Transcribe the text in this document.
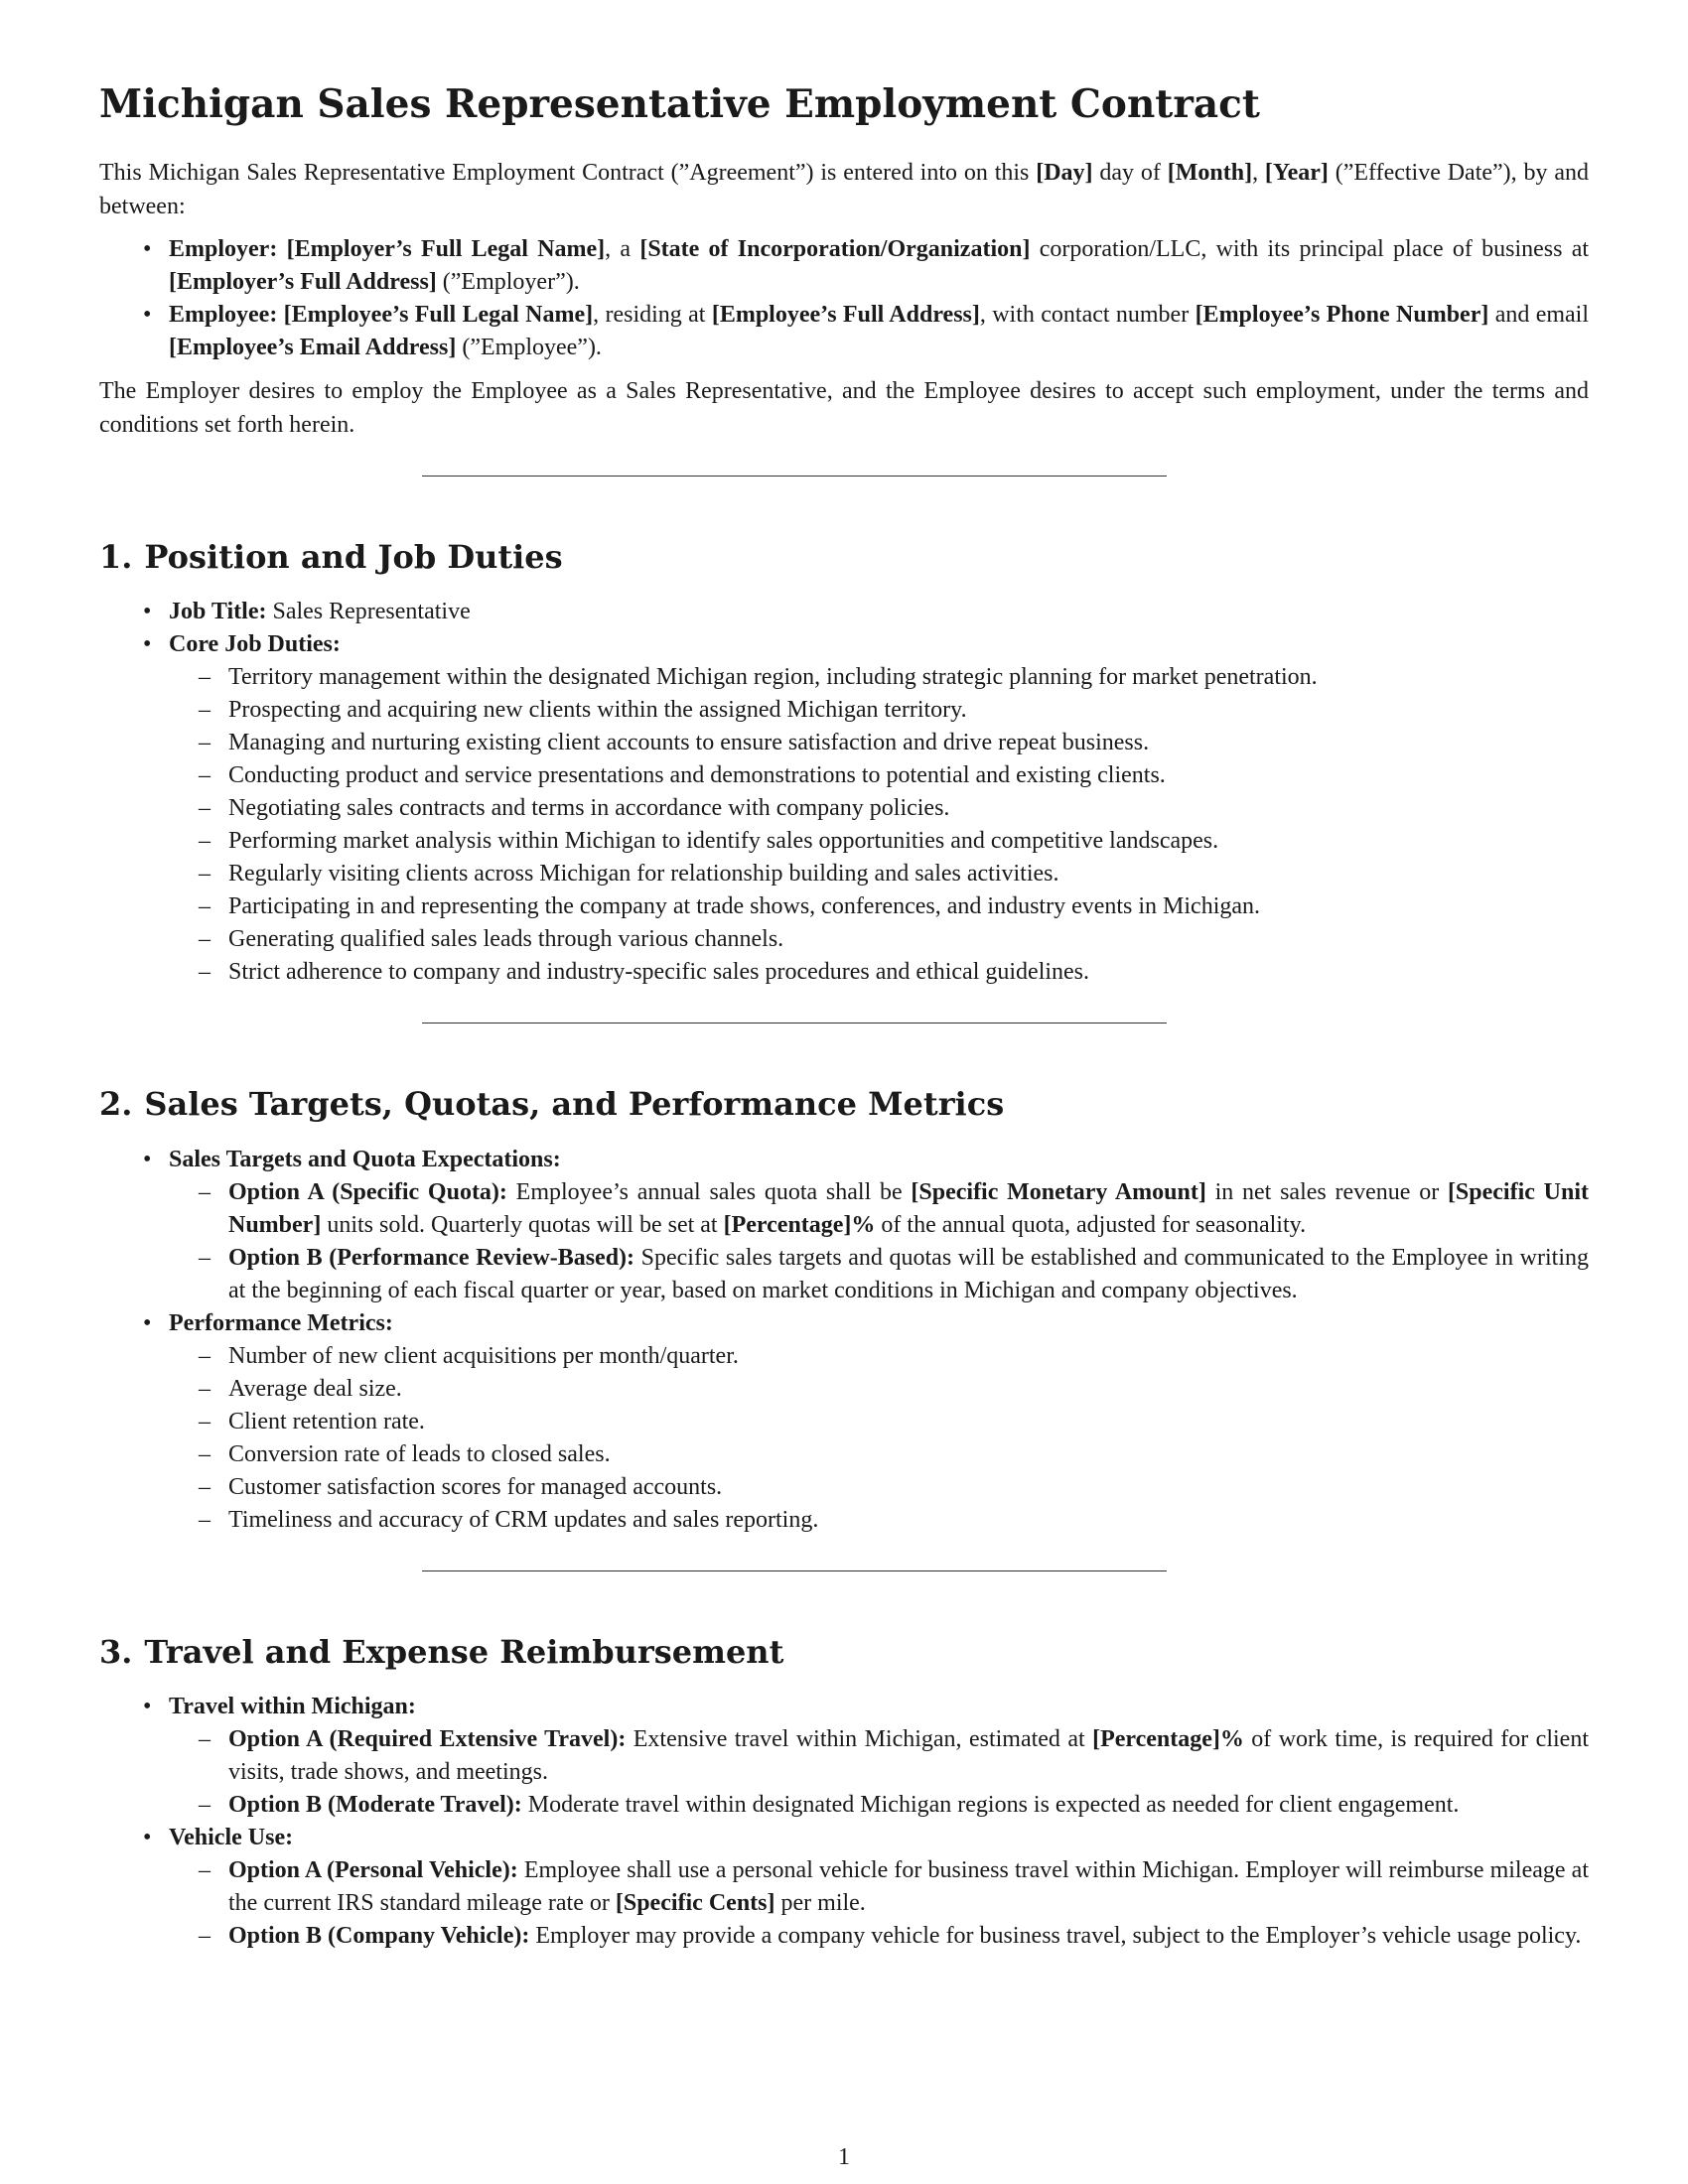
Michigan Sales Representative Employment Contract

This Michigan Sales Representative Employment Contract (”Agreement”) is entered into on this [Day] day of [Month], [Year] (”Effective Date”), by and between:

• Employer: [Employer’s Full Legal Name], a [State of Incorporation/Organization] corporation/LLC, with its principal place of business at [Employer’s Full Address] (”Employer”).
• Employee: [Employee’s Full Legal Name], residing at [Employee’s Full Address], with contact number [Employee’s Phone Number] and email [Employee’s Email Address] (”Employee”).

The Employer desires to employ the Employee as a Sales Representative, and the Employee desires to accept such employment, under the terms and conditions set forth herein.

1. Position and Job Duties
• Job Title: Sales Representative
• Core Job Duties:
– Territory management within the designated Michigan region, including strategic planning for market penetration.
– Prospecting and acquiring new clients within the assigned Michigan territory.
– Managing and nurturing existing client accounts to ensure satisfaction and drive repeat business.
– Conducting product and service presentations and demonstrations to potential and existing clients.
– Negotiating sales contracts and terms in accordance with company policies.
– Performing market analysis within Michigan to identify sales opportunities and competitive landscapes.
– Regularly visiting clients across Michigan for relationship building and sales activities.
– Participating in and representing the company at trade shows, conferences, and industry events in Michigan.
– Generating qualified sales leads through various channels.
– Strict adherence to company and industry-specific sales procedures and ethical guidelines.
2. Sales Targets, Quotas, and Performance Metrics
• Sales Targets and Quota Expectations:
– Option A (Specific Quota): Employee’s annual sales quota shall be [Specific Monetary Amount] in net sales revenue or [Specific Unit Number] units sold. Quarterly quotas will be set at [Percentage]% of the annual quota, adjusted for seasonality.
– Option B (Performance Review-Based): Specific sales targets and quotas will be established and communicated to the Employee in writing at the beginning of each fiscal quarter or year, based on market conditions in Michigan and company objectives.
• Performance Metrics:
– Number of new client acquisitions per month/quarter.
– Average deal size.
– Client retention rate.
– Conversion rate of leads to closed sales.
– Customer satisfaction scores for managed accounts.
– Timeliness and accuracy of CRM updates and sales reporting.
3. Travel and Expense Reimbursement
• Travel within Michigan:
– Option A (Required Extensive Travel): Extensive travel within Michigan, estimated at [Percentage]% of work time, is required for client visits, trade shows, and meetings.
– Option B (Moderate Travel): Moderate travel within designated Michigan regions is expected as needed for client engagement.
• Vehicle Use:
– Option A (Personal Vehicle): Employee shall use a personal vehicle for business travel within Michigan. Employer will reimburse mileage at the current IRS standard mileage rate or [Specific Cents] per mile.
– Option B (Company Vehicle): Employer may provide a company vehicle for business travel, subject to the Employer’s vehicle usage policy.
1
